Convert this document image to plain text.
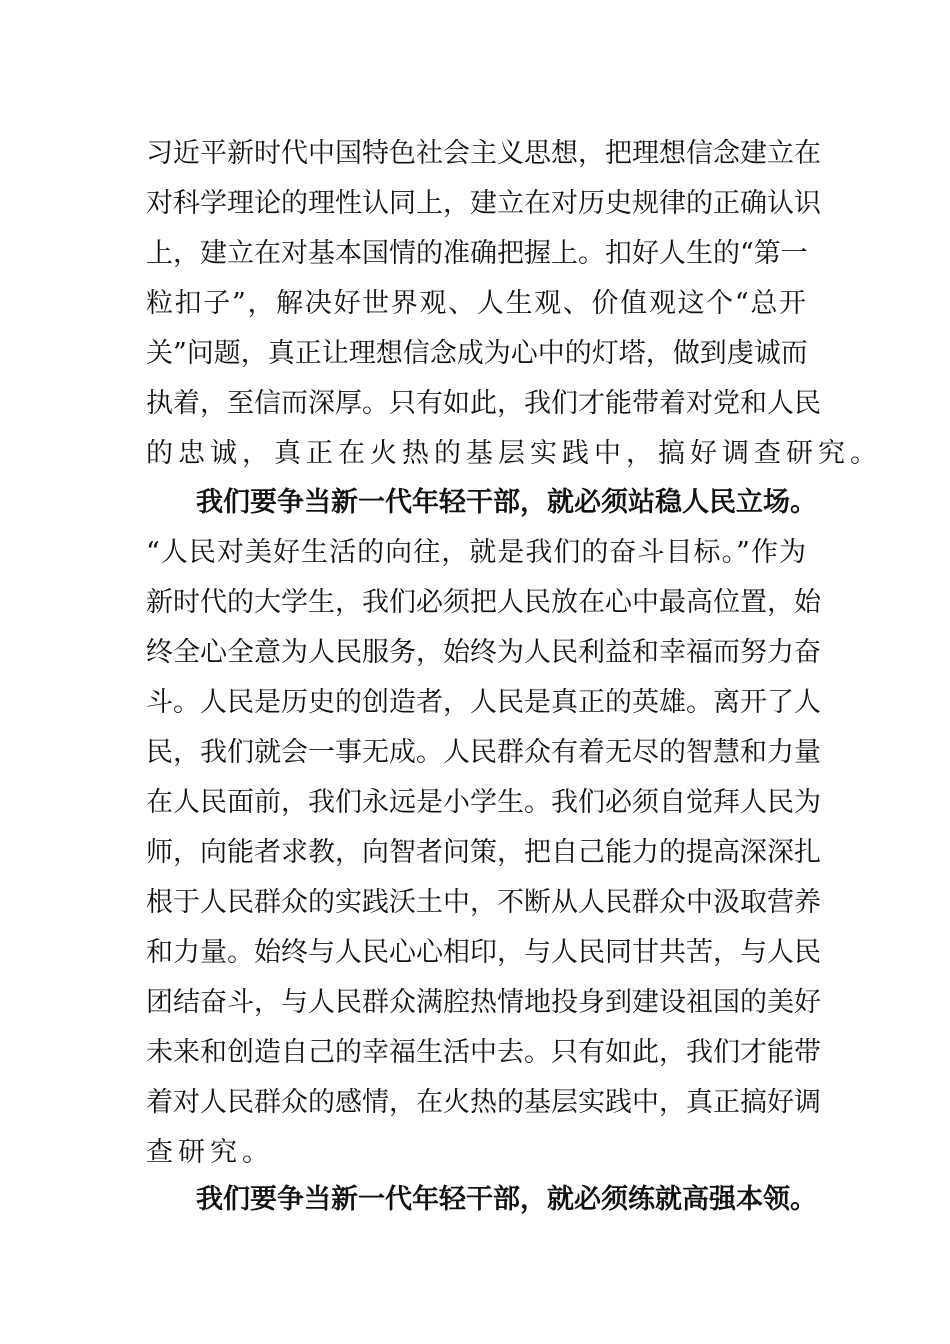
习近平新时代中国特色社会主义思想，把理想信念建立在
对科学理论的理性认同上，建立在对历史规律的正确认识
上，建立在对基本国情的准确把握上。扣好人生的“第一
粒扣子”，解决好世界观、人生观、价值观这个“总开
关”问题，真正让理想信念成为心中的灯塔，做到虔诚而
执着，至信而深厚。只有如此，我们才能带着对党和人民
的忠诚，真正在火热的基层实践中，搞好调查研究。
我们要争当新一代年轻干部，就必须站稳人民立场。
“人民对美好生活的向往，就是我们的奋斗目标。”作为
新时代的大学生，我们必须把人民放在心中最高位置，始
终全心全意为人民服务，始终为人民利益和幸福而努力奋
斗。人民是历史的创造者，人民是真正的英雄。离开了人
民，我们就会一事无成。人民群众有着无尽的智慧和力量
在人民面前，我们永远是小学生。我们必须自觉拜人民为
师，向能者求教，向智者问策，把自己能力的提高深深扎
根于人民群众的实践沃土中，不断从人民群众中汲取营养
和力量。始终与人民心心相印，与人民同甘共苦，与人民
团结奋斗，与人民群众满腔热情地投身到建设祖国的美好
未来和创造自己的幸福生活中去。只有如此，我们才能带
着对人民群众的感情，在火热的基层实践中，真正搞好调
查研究。
我们要争当新一代年轻干部，就必须练就高强本领。
